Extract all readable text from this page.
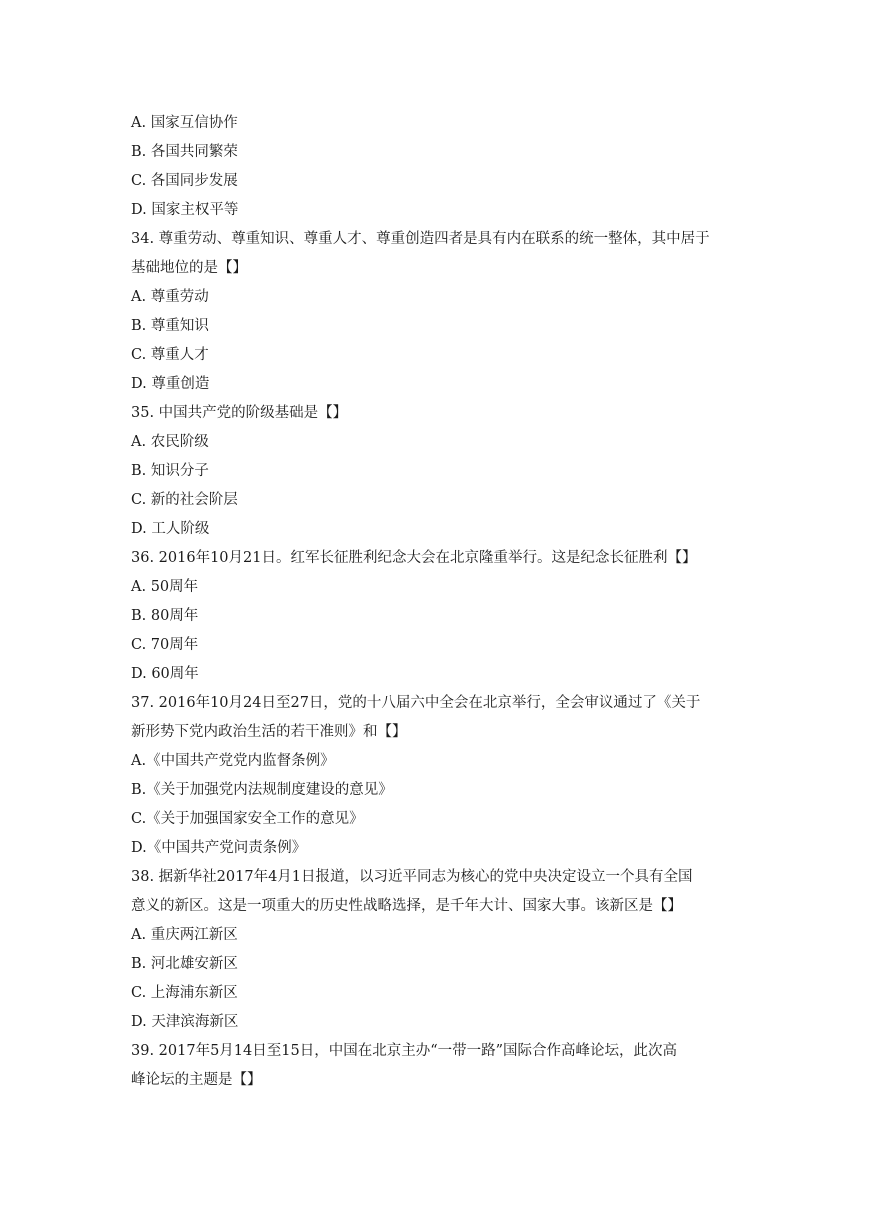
A. 国家互信协作
B. 各国共同繁荣
C. 各国同步发展
D. 国家主权平等
34. 尊重劳动、尊重知识、尊重人才、尊重创造四者是具有内在联系的统一整体，其中居于
基础地位的是【】
A. 尊重劳动
B. 尊重知识
C. 尊重人才
D. 尊重创造
35. 中国共产党的阶级基础是【】
A. 农民阶级
B. 知识分子
C. 新的社会阶层
D. 工人阶级
36. 2016年10月21日。红军长征胜利纪念大会在北京隆重举行。这是纪念长征胜利【】
A. 50周年
B. 80周年
C. 70周年
D. 60周年
37. 2016年10月24日至27日，党的十八届六中全会在北京举行，全会审议通过了《关于
新形势下党内政治生活的若干准则》和【】
A.《中国共产党党内监督条例》
B.《关于加强党内法规制度建设的意见》
C.《关于加强国家安全工作的意见》
D.《中国共产党问责条例》
38. 据新华社2017年4月1日报道，以习近平同志为核心的党中央决定设立一个具有全国
意义的新区。这是一项重大的历史性战略选择，是千年大计、国家大事。该新区是【】
A. 重庆两江新区
B. 河北雄安新区
C. 上海浦东新区
D. 天津滨海新区
39. 2017年5月14日至15日，中国在北京主办“一带一路”国际合作高峰论坛，此次高
峰论坛的主题是【】
